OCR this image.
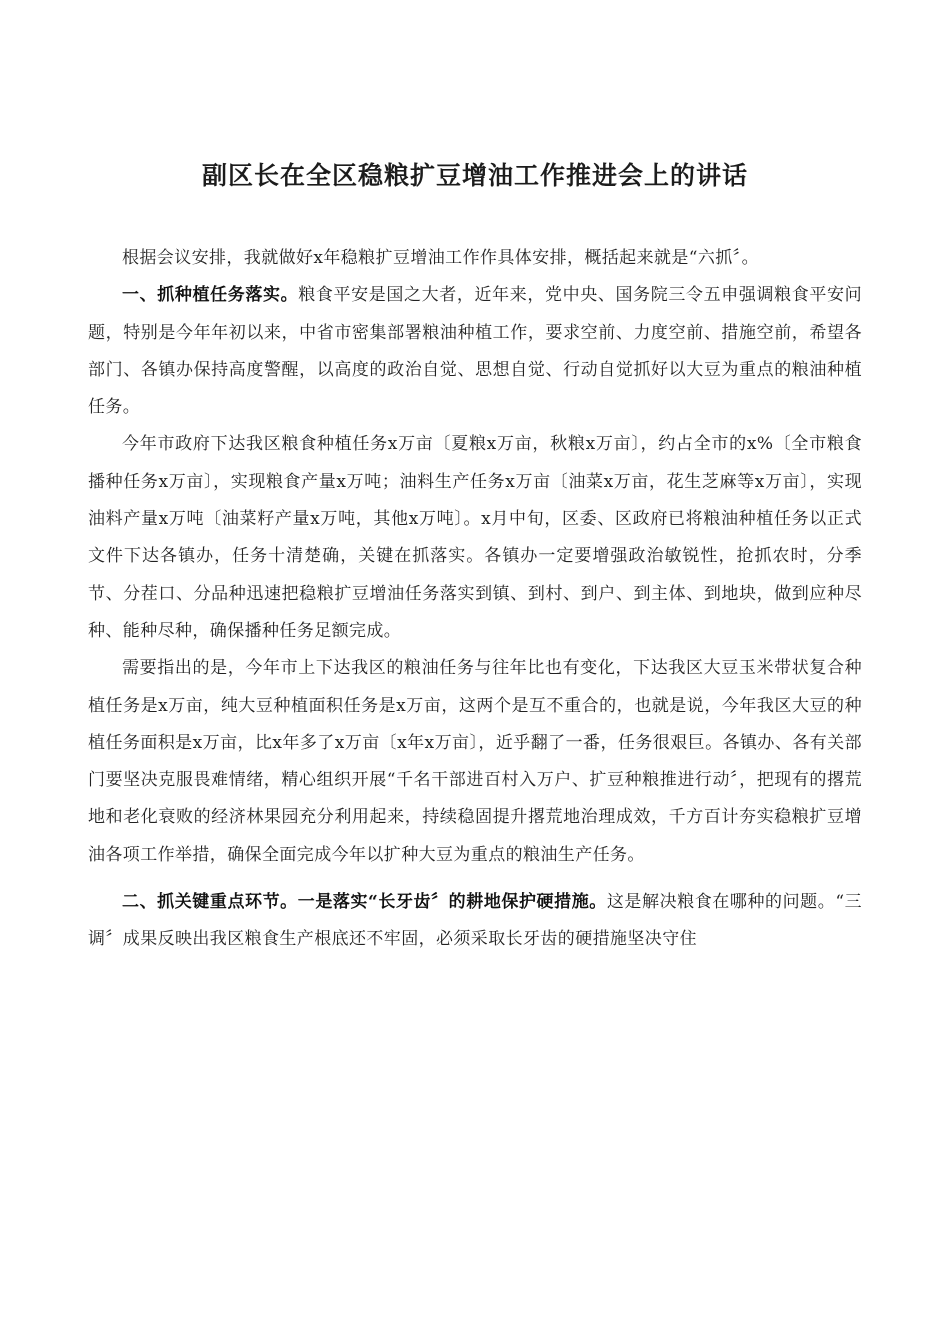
副区长在全区稳粮扩豆增油工作推进会上的讲话

根据会议安排，我就做好x年稳粮扩豆增油工作作具体安排，概括起来就是“六抓〞。

一、抓种植任务落实。粮食平安是国之大者，近年来，党中央、国务院三令五申强调粮食平安问题，特别是今年年初以来，中省市密集部署粮油种植工作，要求空前、力度空前、措施空前，希望各部门、各镇办保持高度警醒，以高度的政治自觉、思想自觉、行动自觉抓好以大豆为重点的粮油种植任务。

今年市政府下达我区粮食种植任务x万亩〔夏粮x万亩，秋粮x万亩〕，约占全市的x%〔全市粮食播种任务x万亩〕，实现粮食产量x万吨；油料生产任务x万亩〔油菜x万亩，花生芝麻等x万亩〕，实现油料产量x万吨〔油菜籽产量x万吨，其他x万吨〕。x月中旬，区委、区政府已将粮油种植任务以正式文件下达各镇办，任务十清楚确，关键在抓落实。各镇办一定要增强政治敏锐性，抢抓农时，分季节、分茬口、分品种迅速把稳粮扩豆增油任务落实到镇、到村、到户、到主体、到地块，做到应种尽种、能种尽种，确保播种任务足额完成。

需要指出的是，今年市上下达我区的粮油任务与往年比也有变化，下达我区大豆玉米带状复合种植任务是x万亩，纯大豆种植面积任务是x万亩，这两个是互不重合的，也就是说，今年我区大豆的种植任务面积是x万亩，比x年多了x万亩〔x年x万亩〕，近乎翻了一番，任务很艰巨。各镇办、各有关部门要坚决克服畏难情绪，精心组织开展“千名干部进百村入万户、扩豆种粮推进行动〞，把现有的撂荒地和老化衰败的经济林果园充分利用起来，持续稳固提升撂荒地治理成效，千方百计夯实稳粮扩豆增油各项工作举措，确保全面完成今年以扩种大豆为重点的粮油生产任务。

二、抓关键重点环节。一是落实“长牙齿〞的耕地保护硬措施。这是解决粮食在哪种的问题。“三调〞成果反映出我区粮食生产根底还不牢固，必须采取长牙齿的硬措施坚决守住
